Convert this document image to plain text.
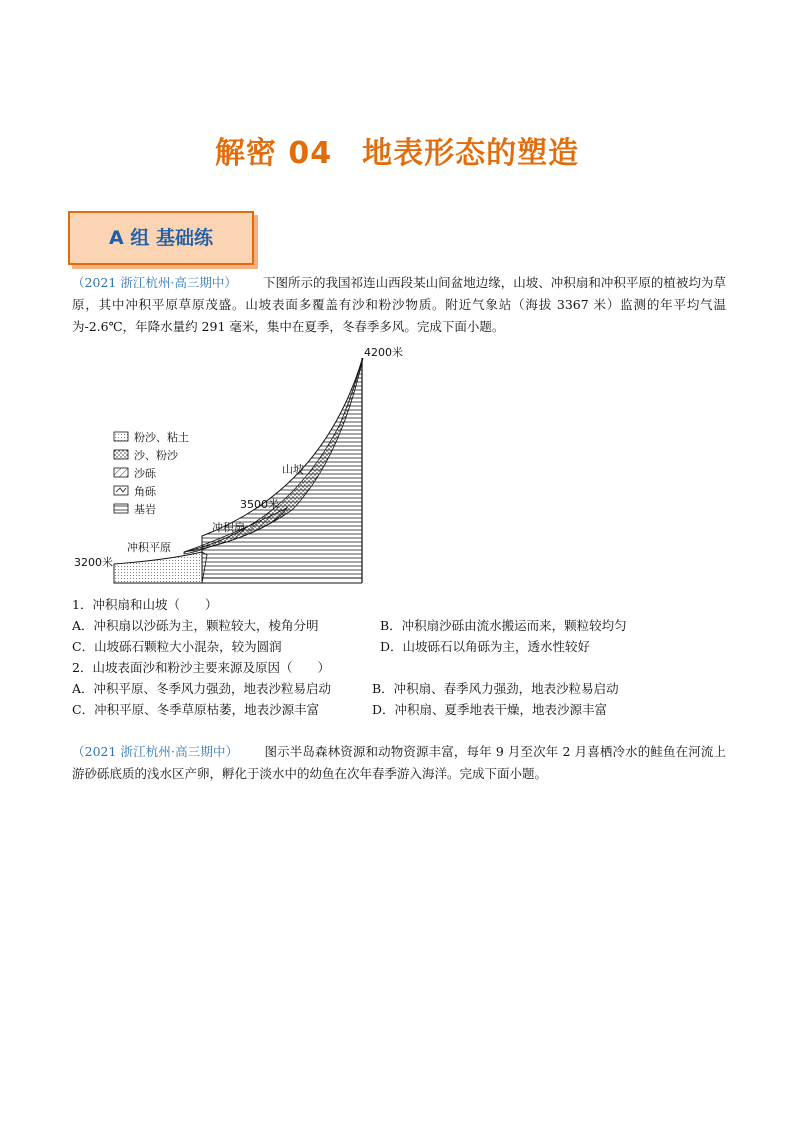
解密 04 地表形态的塑造
A 组 基础练
（2021 浙江杭州·高三期中） 下图所示的我国祁连山西段某山间盆地边缘，山坡、冲积扇和冲积平原的植被均为草原，其中冲积平原草原茂盛。山坡表面多覆盖有沙和粉沙物质。附近气象站（海拔 3367 米）监测的年平均气温为-2.6℃，年降水量约 291 毫米，集中在夏季，冬春季多风。完成下面小题。
粉沙、粘土
沙、粉沙
沙砾
角砾
基岩
4200米
山坡
3500米
冲积扇
冲积平原
3200米
1．冲积扇和山坡（　　）
A．冲积扇以沙砾为主，颗粒较大，棱角分明	B．冲积扇沙砾由流水搬运而来，颗粒较均匀
C．山坡砾石颗粒大小混杂，较为圆润	D．山坡砾石以角砾为主，透水性较好
2．山坡表面沙和粉沙主要来源及原因（　　）
A．冲积平原、冬季风力强劲，地表沙粒易启动	B．冲积扇、春季风力强劲，地表沙粒易启动
C．冲积平原、冬季草原枯萎，地表沙源丰富	D．冲积扇、夏季地表干燥，地表沙源丰富
（2021 浙江杭州·高三期中） 图示半岛森林资源和动物资源丰富，每年 9 月至次年 2 月喜栖冷水的鲑鱼在河流上游砂砾底质的浅水区产卵，孵化于淡水中的幼鱼在次年春季游入海洋。完成下面小题。
